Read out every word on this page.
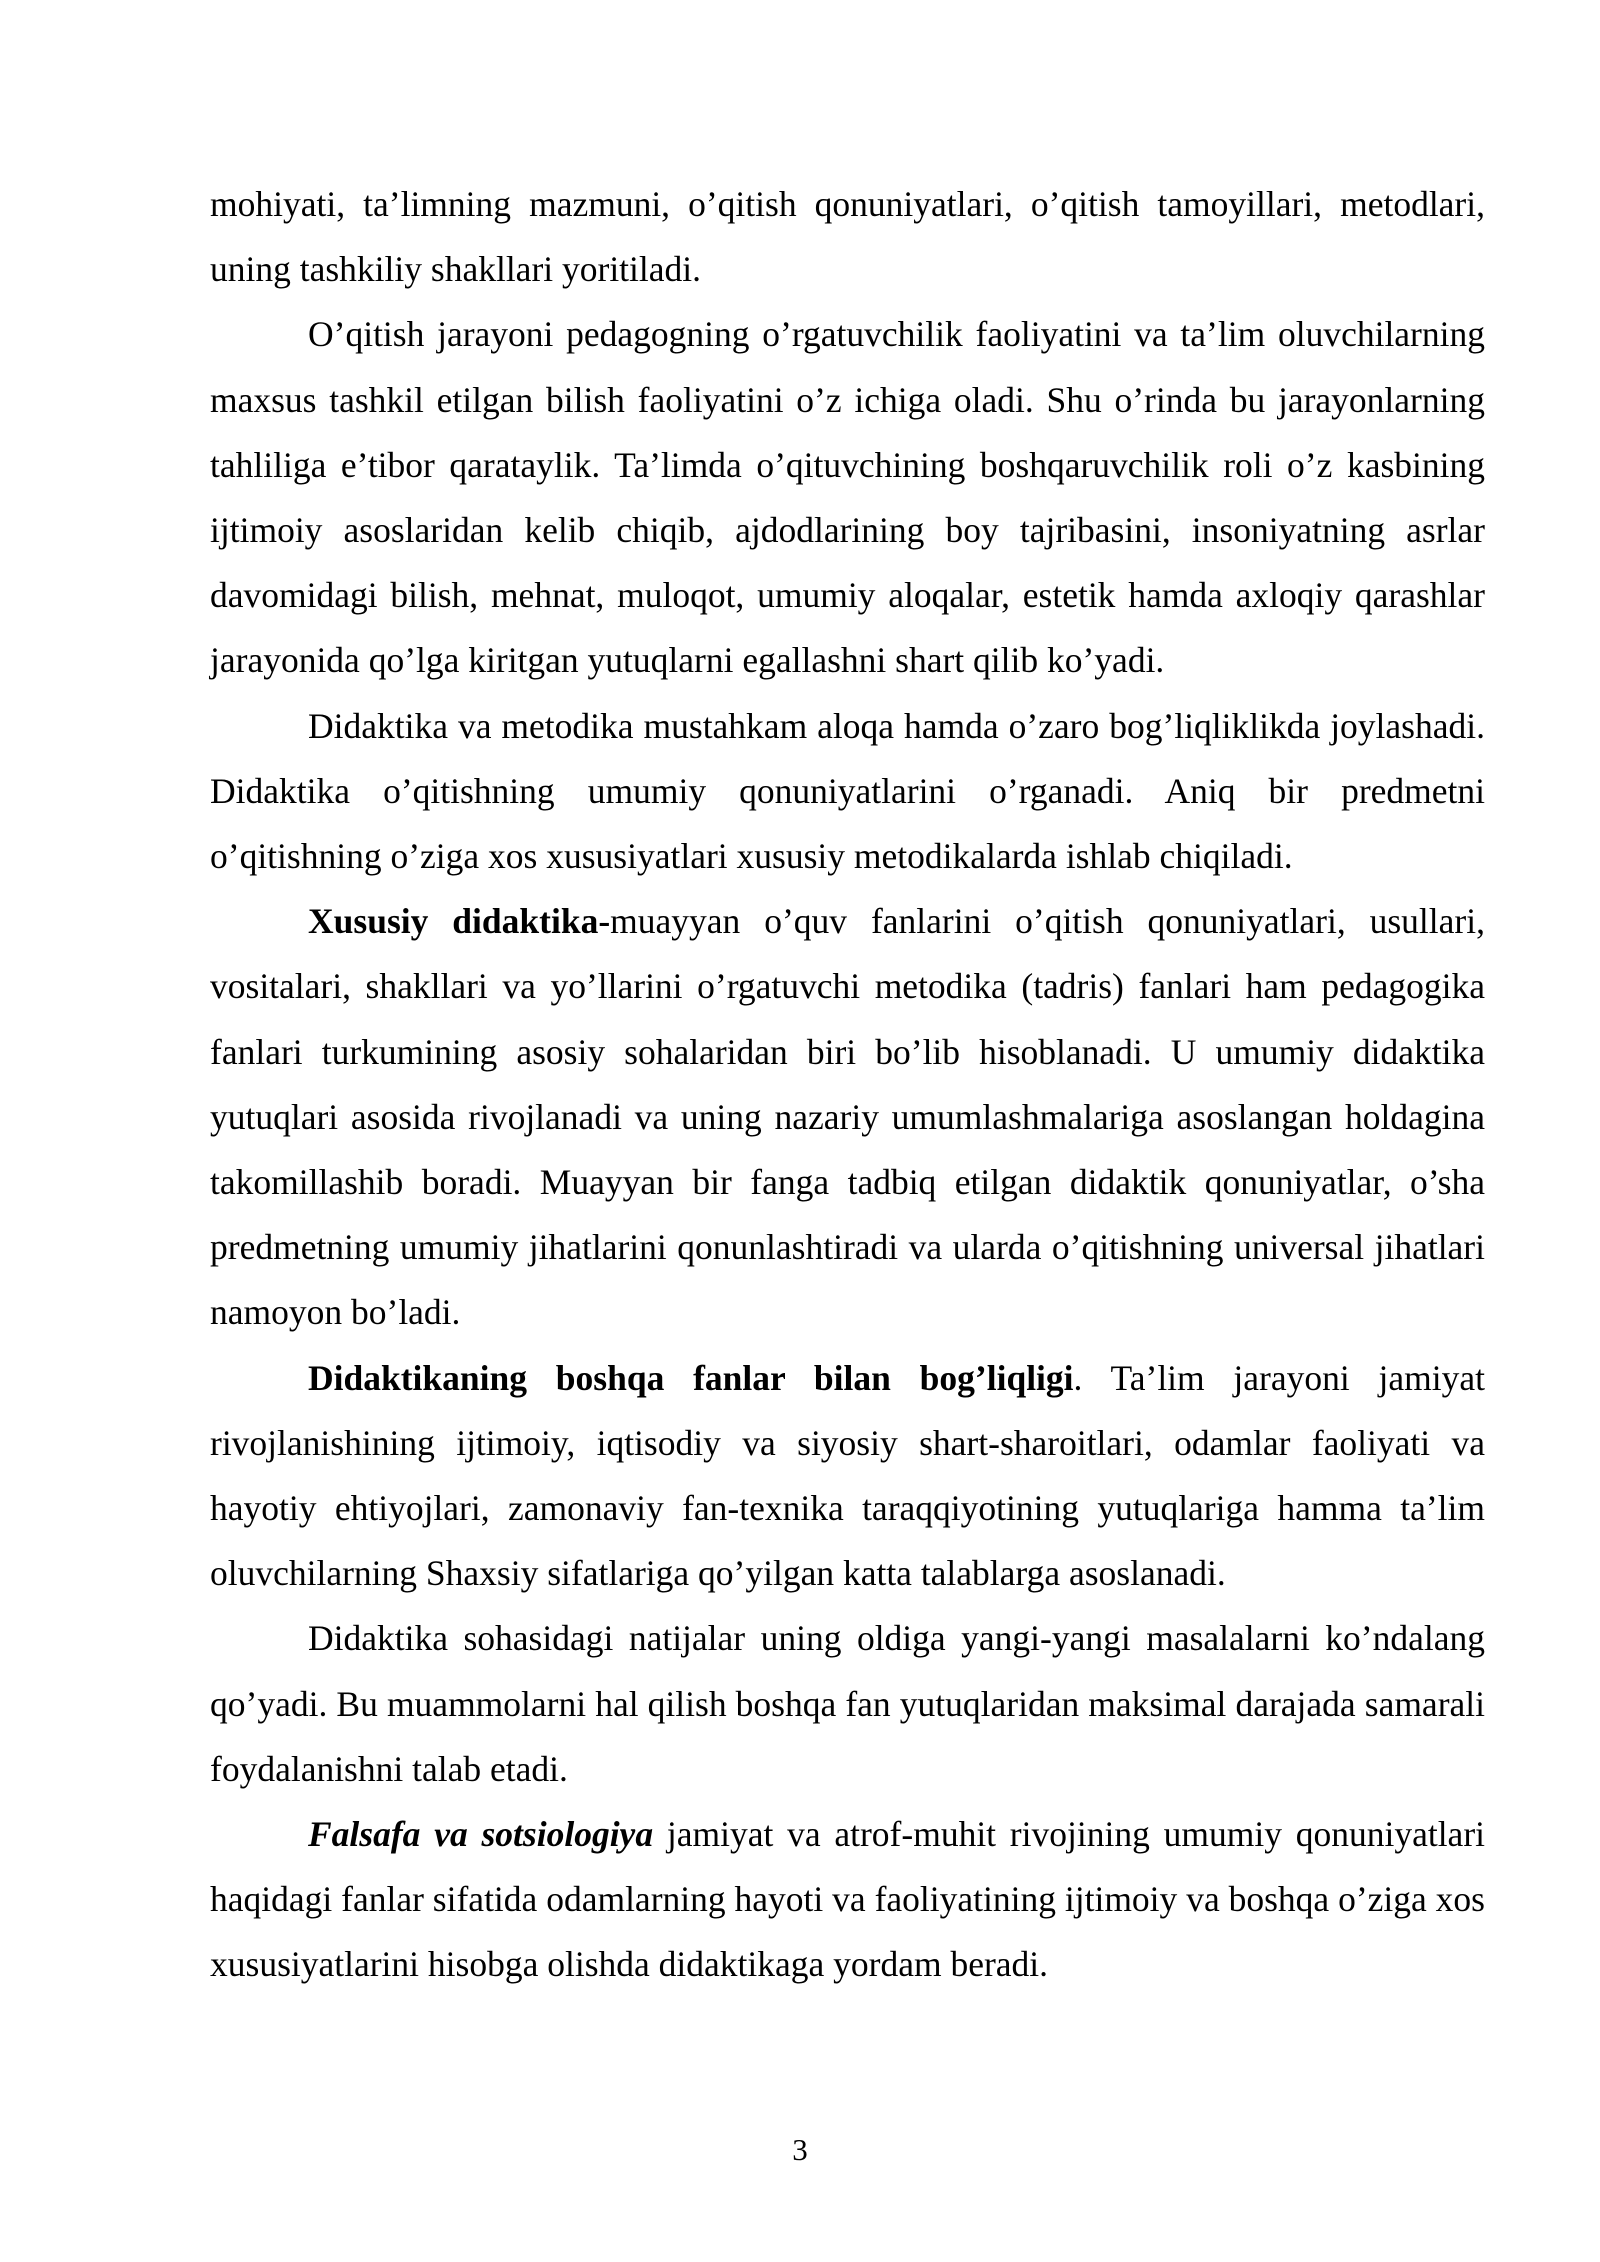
mohiyati, ta’limning mazmuni, o’qitish qonuniyatlari, o’qitish tamoyillari, metodlari, uning tashkiliy shakllari yoritiladi.

O’qitish jarayoni pedagogning o’rgatuvchilik faoliyatini va ta’lim oluvchilarning maxsus tashkil etilgan bilish faoliyatini o’z ichiga oladi. Shu o’rinda bu jarayonlarning tahliliga e’tibor qarataylik. Ta’limda o’qituvchining boshqaruvchilik roli o’z kasbining ijtimoiy asoslaridan kelib chiqib, ajdodlarining boy tajribasini, insoniyatning asrlar davomidagi bilish, mehnat, muloqot, umumiy aloqalar, estetik hamda axloqiy qarashlar jarayonida qo’lga kiritgan yutuqlarni egallashni shart qilib ko’yadi.

Didaktika va metodika mustahkam aloqa hamda o’zaro bog’liqliklikda joylashadi. Didaktika o’qitishning umumiy qonuniyatlarini o’rganadi. Aniq bir predmetni o’qitishning o’ziga xos xususiyatlari xususiy metodikalarda ishlab chiqiladi.

Xususiy didaktika-muayyan o’quv fanlarini o’qitish qonuniyatlari, usullari, vositalari, shakllari va yo’llarini o’rgatuvchi metodika (tadris) fanlari ham pedagogika fanlari turkumining asosiy sohalaridan biri bo’lib hisoblanadi. U umumiy didaktika yutuqlari asosida rivojlanadi va uning nazariy umumlashmalariga asoslangan holdagina takomillashib boradi. Muayyan bir fanga tadbiq etilgan didaktik qonuniyatlar, o’sha predmetning umumiy jihatlarini qonunlashtiradi va ularda o’qitishning universal jihatlari namoyon bo’ladi.

Didaktikaning boshqa fanlar bilan bog’liqligi. Ta’lim jarayoni jamiyat rivojlanishining ijtimoiy, iqtisodiy va siyosiy shart-sharoitlari, odamlar faoliyati va hayotiy ehtiyojlari, zamonaviy fan-texnika taraqqiyotining yutuqlariga hamma ta’lim oluvchilarning Shaxsiy sifatlariga qo’yilgan katta talablarga asoslanadi.

Didaktika sohasidagi natijalar uning oldiga yangi-yangi masalalarni ko’ndalang qo’yadi. Bu muammolarni hal qilish boshqa fan yutuqlaridan maksimal darajada samarali foydalanishni talab etadi.

Falsafa va sotsiologiya jamiyat va atrof-muhit rivojining umumiy qonuniyatlari haqidagi fanlar sifatida odamlarning hayoti va faoliyatining ijtimoiy va boshqa o’ziga xos xususiyatlarini hisobga olishda didaktikaga yordam beradi.

3
